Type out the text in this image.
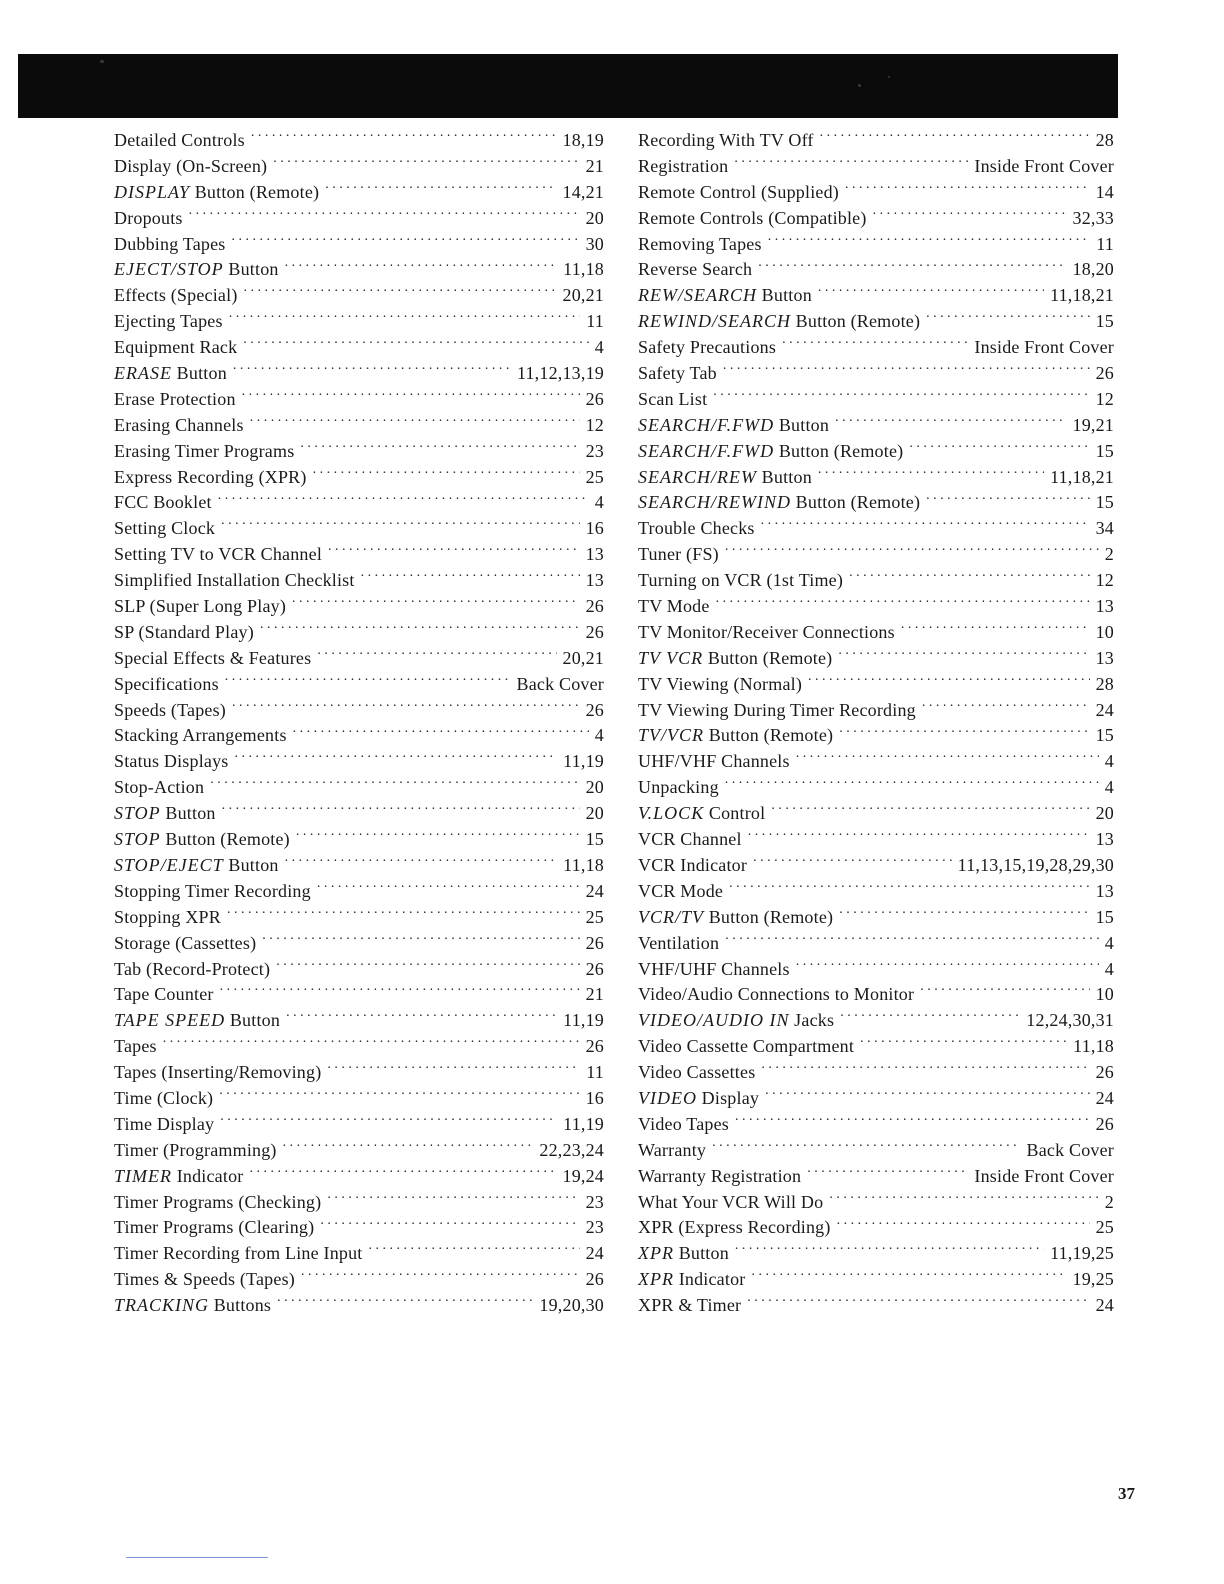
Detailed Controls . . .	18,19
Display (On-Screen) . . .	21
DISPLAY Button (Remote) . . .	14,21
Dropouts . . .	20
Dubbing Tapes . . .	30
EJECT/STOP Button . . .	11,18
Effects (Special) . . .	20,21
Ejecting Tapes . . .	11
Equipment Rack . . .	4
ERASE Button . . .	11,12,13,19
Erase Protection . . .	26
Erasing Channels . . .	12
Erasing Timer Programs . . .	23
Express Recording (XPR) . . .	25
FCC Booklet . . .	4
Setting Clock . . .	16
Setting TV to VCR Channel . . .	13
Simplified Installation Checklist . . .	13
SLP (Super Long Play) . . .	26
SP (Standard Play) . . .	26
Special Effects & Features . . .	20,21
Specifications . . .	Back Cover
Speeds (Tapes) . . .	26
Stacking Arrangements . . .	4
Status Displays . . .	11,19
Stop-Action . . .	20
STOP Button . . .	20
STOP Button (Remote) . . .	15
STOP/EJECT Button . . .	11,18
Stopping Timer Recording . . .	24
Stopping XPR . . .	25
Storage (Cassettes) . . .	26
Tab (Record-Protect) . . .	26
Tape Counter . . .	21
TAPE SPEED Button . . .	11,19
Tapes . . .	26
Tapes (Inserting/Removing) . . .	11
Time (Clock) . . .	16
Time Display . . .	11,19
Timer (Programming) . . .	22,23,24
TIMER Indicator . . .	19,24
Timer Programs (Checking) . . .	23
Timer Programs (Clearing) . . .	23
Timer Recording from Line Input . . .	24
Times & Speeds (Tapes) . . .	26
TRACKING Buttons . . .	19,20,30
Recording With TV Off . . .	28
Registration . . .	Inside Front Cover
Remote Control (Supplied) . . .	14
Remote Controls (Compatible) . . .	32,33
Removing Tapes . . .	11
Reverse Search . . .	18,20
REW/SEARCH Button . . .	11,18,21
REWIND/SEARCH Button (Remote) . . .	15
Safety Precautions . . .	Inside Front Cover
Safety Tab . . .	26
Scan List . . .	12
SEARCH/F.FWD Button . . .	19,21
SEARCH/F.FWD Button (Remote) . . .	15
SEARCH/REW Button . . .	11,18,21
SEARCH/REWIND Button (Remote) . . .	15
Trouble Checks . . .	34
Tuner (FS) . . .	2
Turning on VCR (1st Time) . . .	12
TV Mode . . .	13
TV Monitor/Receiver Connections . . .	10
TV VCR Button (Remote) . . .	13
TV Viewing (Normal) . . .	28
TV Viewing During Timer Recording . . .	24
TV/VCR Button (Remote) . . .	15
UHF/VHF Channels . . .	4
Unpacking . . .	4
V.LOCK Control . . .	20
VCR Channel . . .	13
VCR Indicator . . .	11,13,15,19,28,29,30
VCR Mode . . .	13
VCR/TV Button (Remote) . . .	15
Ventilation . . .	4
VHF/UHF Channels . . .	4
Video/Audio Connections to Monitor . . .	10
VIDEO/AUDIO IN Jacks . . .	12,24,30,31
Video Cassette Compartment . . .	11,18
Video Cassettes . . .	26
VIDEO Display . . .	24
Video Tapes . . .	26
Warranty . . .	Back Cover
Warranty Registration . . .	Inside Front Cover
What Your VCR Will Do . . .	2
XPR (Express Recording) . . .	25
XPR Button . . .	11,19,25
XPR Indicator . . .	19,25
XPR & Timer . . .	24
37
